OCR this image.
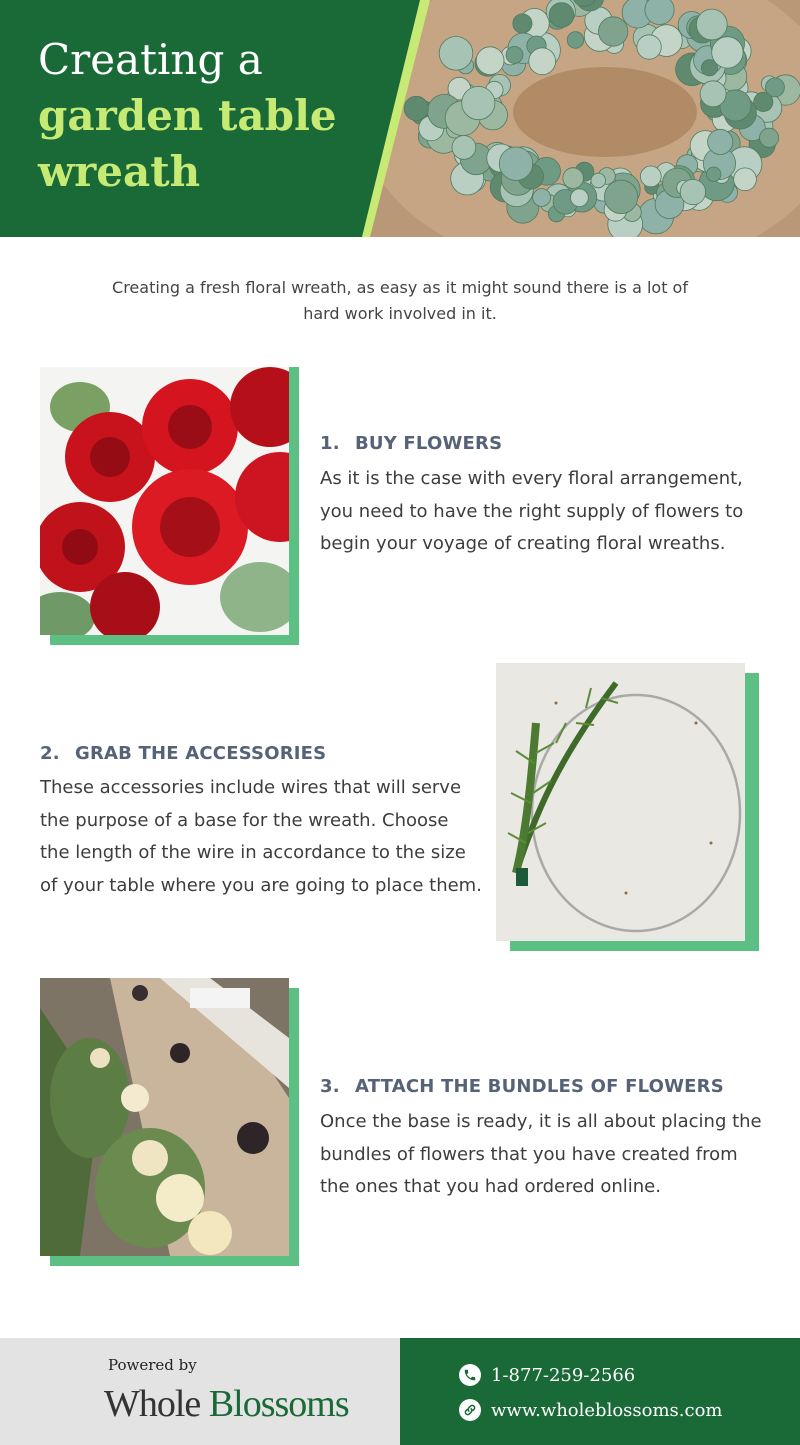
Creating a
garden table
wreath

Creating a fresh floral wreath, as easy as it might sound there is a lot of hard work involved in it.

1. BUY FLOWERS

As it is the case with every floral arrangement, you need to have the right supply of flowers to begin your voyage of creating floral wreaths.

2. GRAB THE ACCESSORIES

These accessories include wires that will serve the purpose of a base for the wreath. Choose the length of the wire in accordance to the size of your table where you are going to place them.

3. ATTACH THE BUNDLES OF FLOWERS

Once the base is ready, it is all about placing the bundles of flowers that you have created from the ones that you had ordered online.

Powered by
Whole Blossoms
1-877-259-2566
www.wholeblossoms.com
